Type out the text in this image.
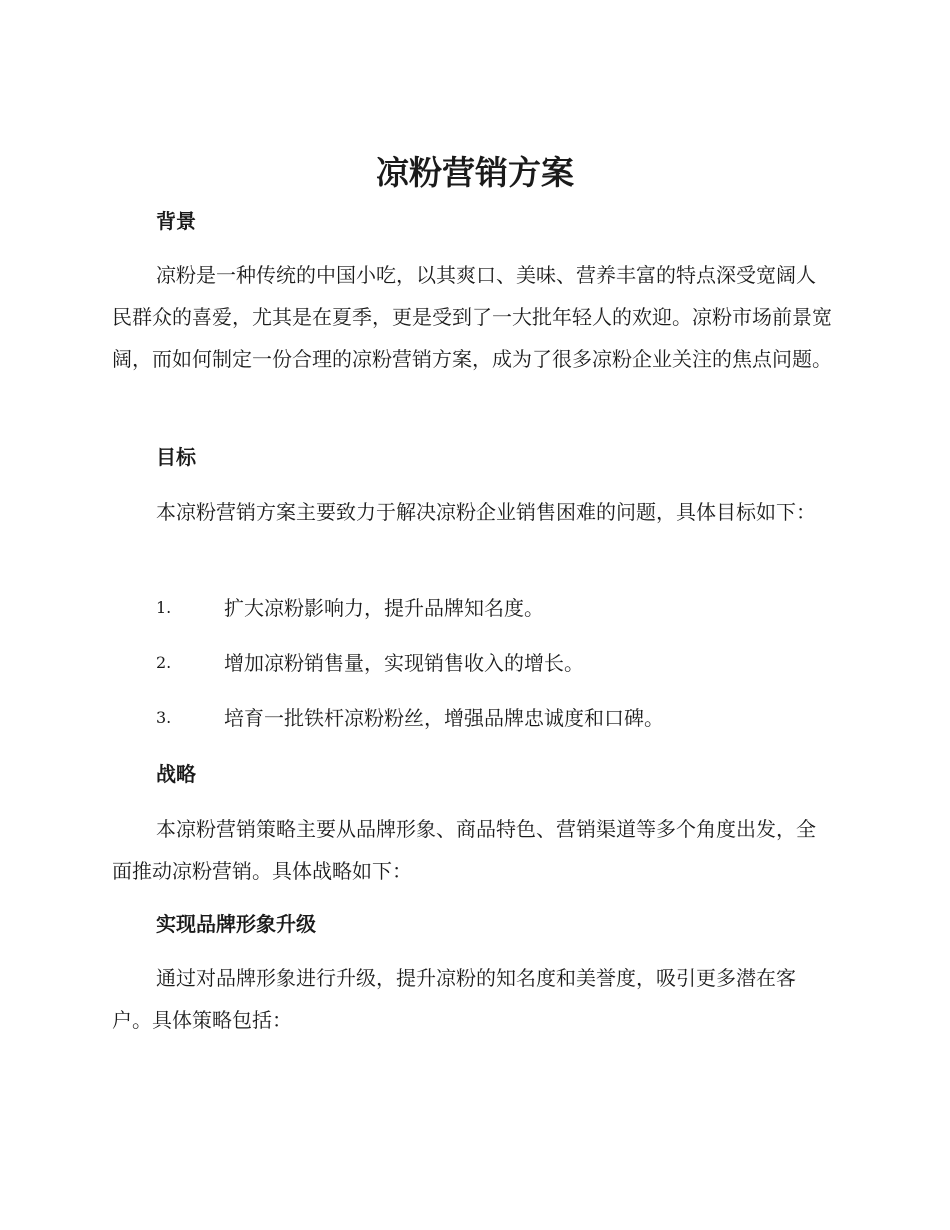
凉粉营销方案
背景

凉粉是一种传统的中国小吃，以其爽口、美味、营养丰富的特点深受宽阔人民群众的喜爱，尤其是在夏季，更是受到了一大批年轻人的欢迎。凉粉市场前景宽阔，而如何制定一份合理的凉粉营销方案，成为了很多凉粉企业关注的焦点问题。

目标

本凉粉营销方案主要致力于解决凉粉企业销售困难的问题，具体目标如下：

1.	扩大凉粉影响力，提升品牌知名度。
2.	增加凉粉销售量，实现销售收入的增长。
3.	培育一批铁杆凉粉粉丝，增强品牌忠诚度和口碑。
战略

本凉粉营销策略主要从品牌形象、商品特色、营销渠道等多个角度出发，全面推动凉粉营销。具体战略如下：

实现品牌形象升级

通过对品牌形象进行升级，提升凉粉的知名度和美誉度，吸引更多潜在客户。具体策略包括：
